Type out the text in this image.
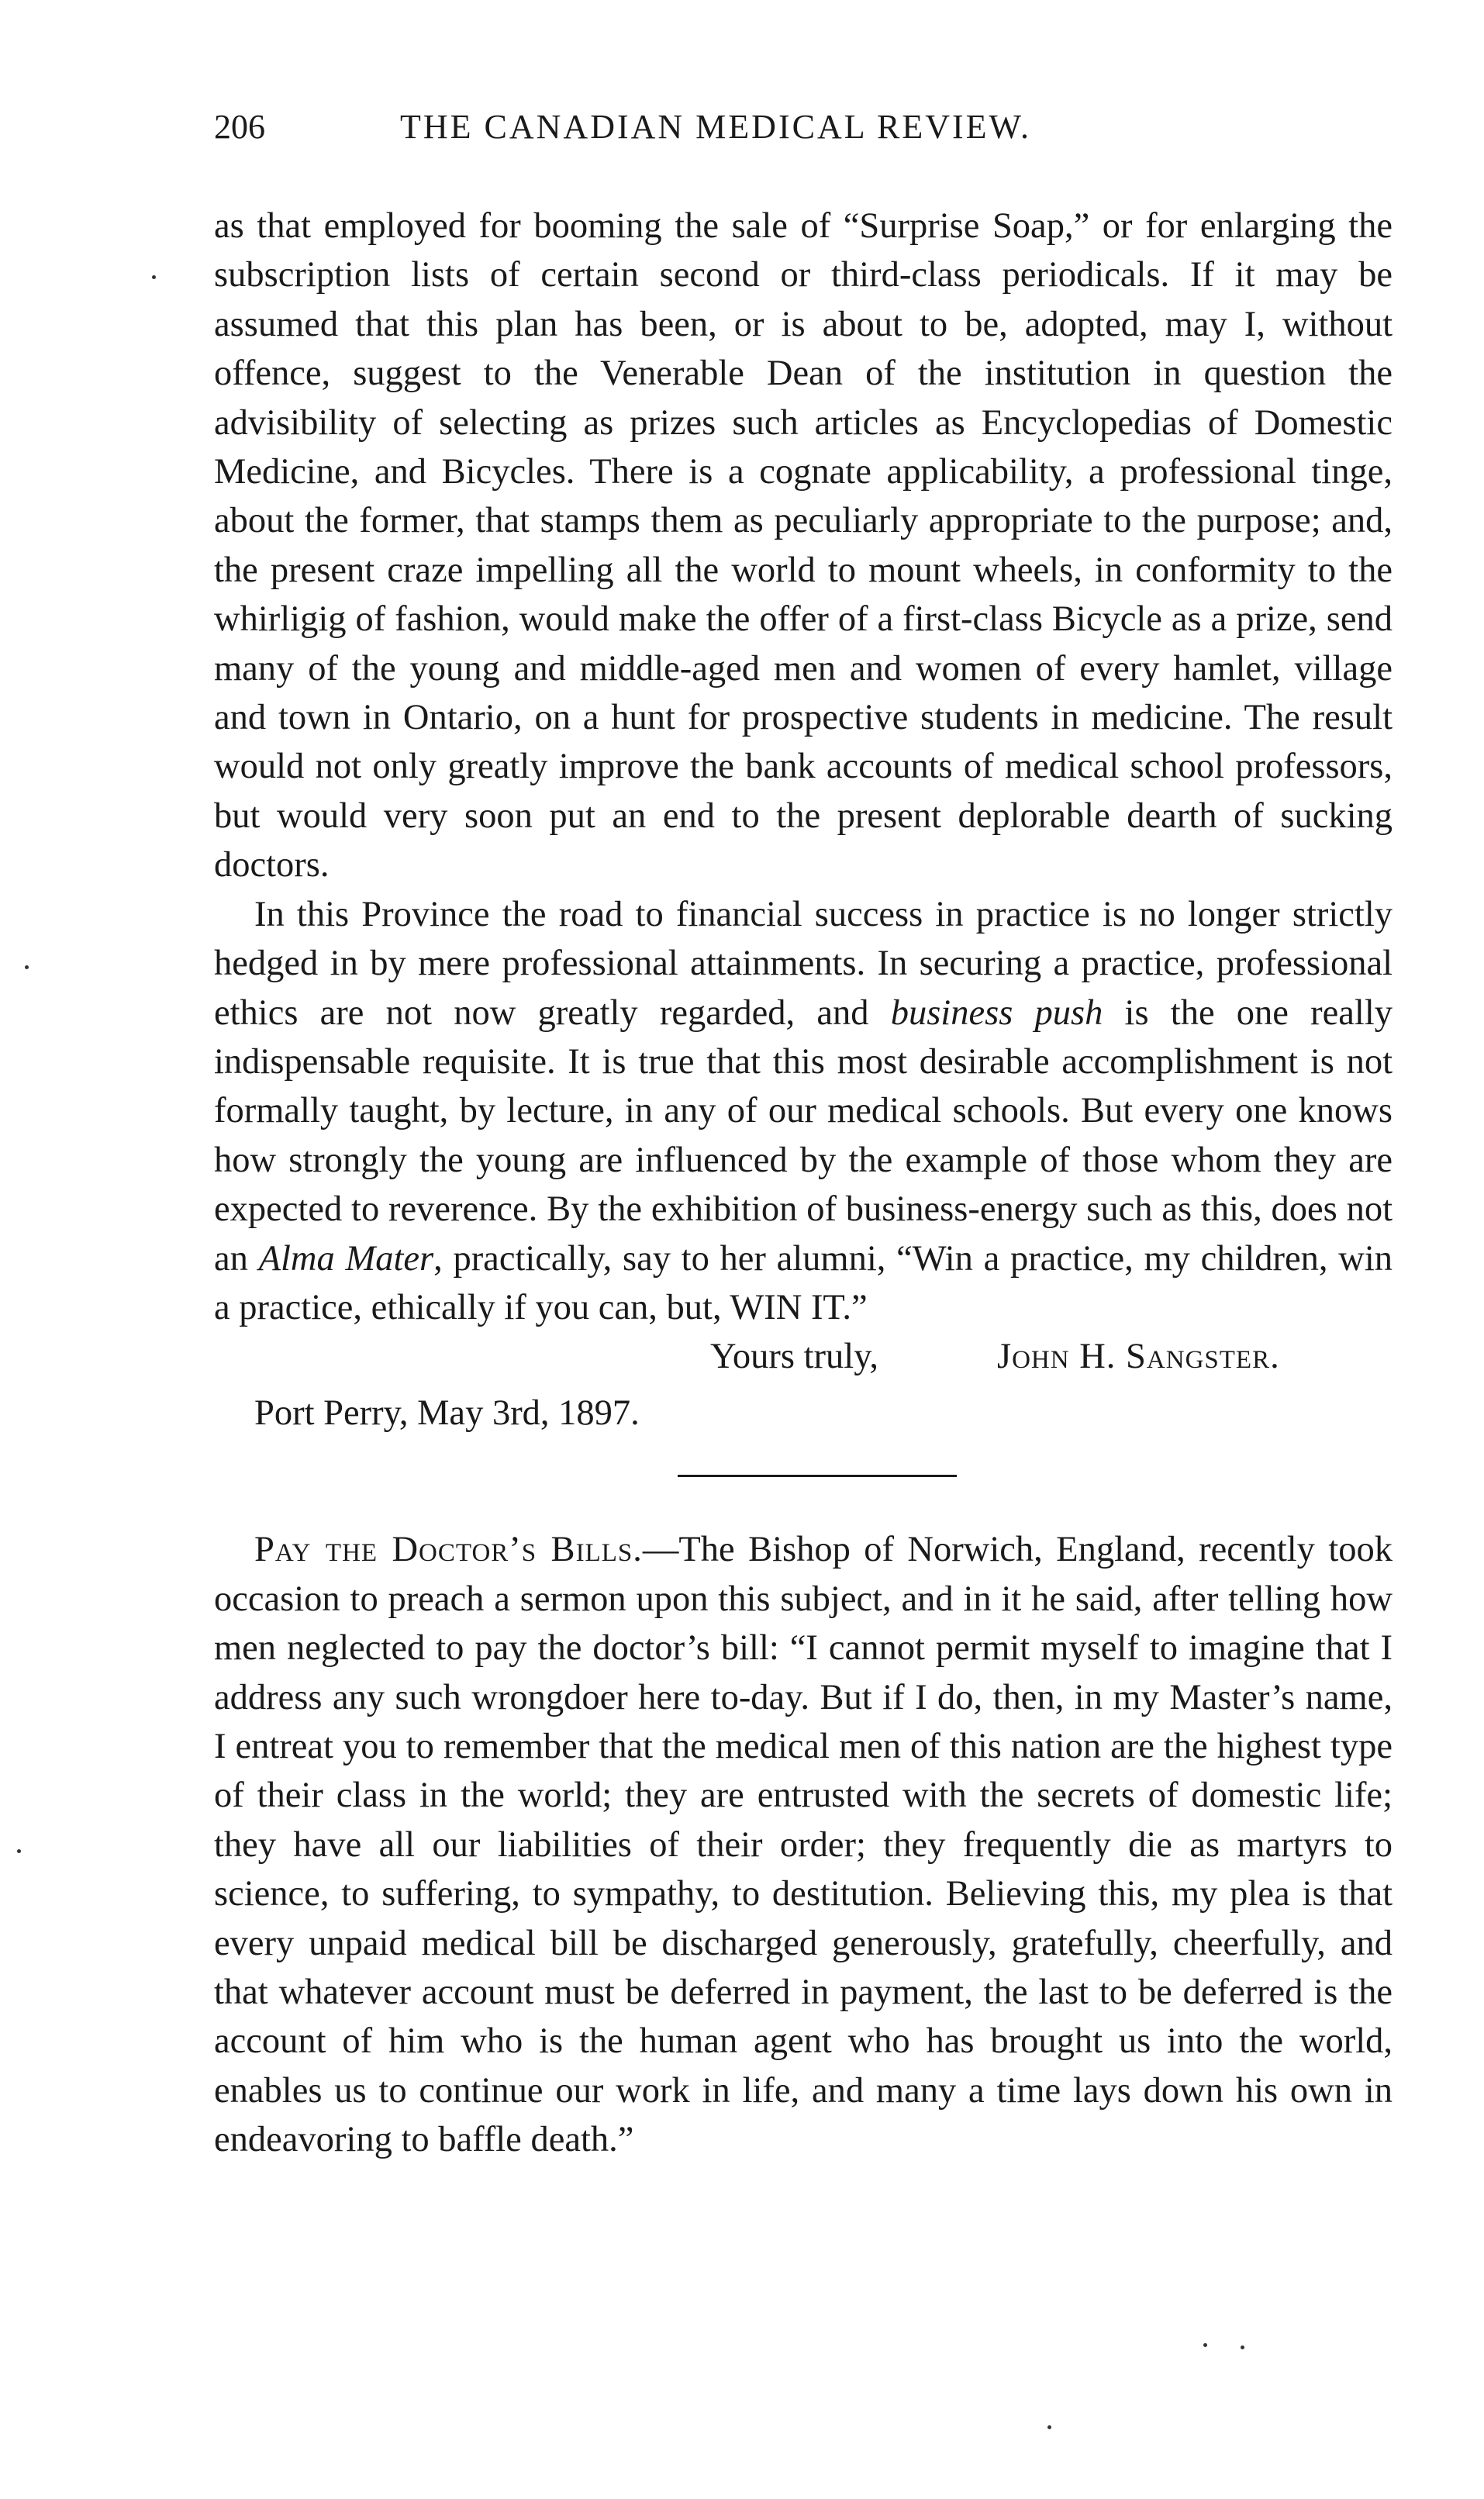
206	THE CANADIAN MEDICAL REVIEW.

as that employed for booming the sale of “Surprise Soap,” or for enlarging the subscription lists of certain second or third-class periodicals. If it may be assumed that this plan has been, or is about to be, adopted, may I, without offence, suggest to the Venerable Dean of the institution in question the advisibility of selecting as prizes such articles as Encyclopedias of Domestic Medicine, and Bicycles. There is a cognate applicability, a professional tinge, about the former, that stamps them as peculiarly appropriate to the purpose; and, the present craze impelling all the world to mount wheels, in conformity to the whirligig of fashion, would make the offer of a first-class Bicycle as a prize, send many of the young and middle-aged men and women of every hamlet, village and town in Ontario, on a hunt for prospective students in medicine. The result would not only greatly improve the bank accounts of medical school professors, but would very soon put an end to the present deplorable dearth of sucking doctors.

In this Province the road to financial success in practice is no longer strictly hedged in by mere professional attainments. In securing a practice, professional ethics are not now greatly regarded, and business push is the one really indispensable requisite. It is true that this most desirable accomplishment is not formally taught, by lecture, in any of our medical schools. But every one knows how strongly the young are influenced by the example of those whom they are expected to reverence. By the exhibition of business-energy such as this, does not an Alma Mater, practically, say to her alumni, “Win a practice, my children, win a practice, ethically if you can, but, WIN IT.”

Yours truly,	John H. Sangster.
Port Perry, May 3rd, 1897.

Pay the Doctor’s Bills.—The Bishop of Norwich, England, recently took occasion to preach a sermon upon this subject, and in it he said, after telling how men neglected to pay the doctor’s bill: “I cannot permit myself to imagine that I address any such wrongdoer here to-day. But if I do, then, in my Master’s name, I entreat you to remember that the medical men of this nation are the highest type of their class in the world; they are entrusted with the secrets of domestic life; they have all our liabilities of their order; they frequently die as martyrs to science, to suffering, to sympathy, to destitution. Believing this, my plea is that every unpaid medical bill be discharged generously, gratefully, cheerfully, and that whatever account must be deferred in payment, the last to be deferred is the account of him who is the human agent who has brought us into the world, enables us to continue our work in life, and many a time lays down his own in endeavoring to baffle death.”
